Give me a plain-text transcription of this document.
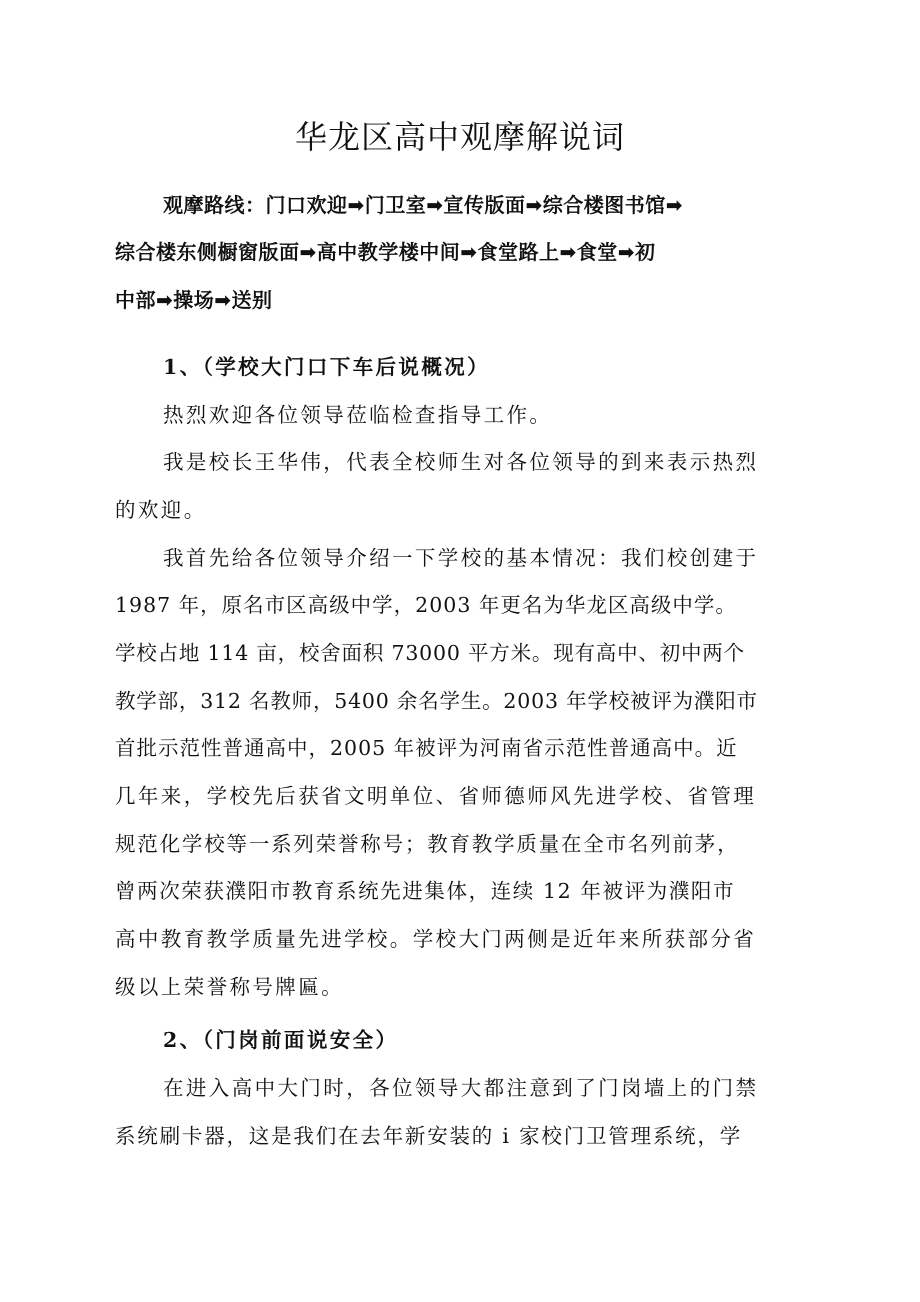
华龙区高中观摩解说词
观摩路线：门口欢迎➡门卫室➡宣传版面➡综合楼图书馆➡
综合楼东侧橱窗版面➡高中教学楼中间➡食堂路上➡食堂➡初
中部➡操场➡送别
1、（学校大门口下车后说概况）
热烈欢迎各位领导莅临检查指导工作。
我是校长王华伟，代表全校师生对各位领导的到来表示热烈
的欢迎。
我首先给各位领导介绍一下学校的基本情况：我们校创建于
1987 年，原名市区高级中学，2003 年更名为华龙区高级中学。
学校占地 114 亩，校舍面积 73000 平方米。现有高中、初中两个
教学部，312 名教师，5400 余名学生。2003 年学校被评为濮阳市
首批示范性普通高中，2005 年被评为河南省示范性普通高中。近
几年来，学校先后获省文明单位、省师德师风先进学校、省管理
规范化学校等一系列荣誉称号；教育教学质量在全市名列前茅，
曾两次荣获濮阳市教育系统先进集体，连续 12 年被评为濮阳市
高中教育教学质量先进学校。学校大门两侧是近年来所获部分省
级以上荣誉称号牌匾。
2、（门岗前面说安全）
在进入高中大门时，各位领导大都注意到了门岗墙上的门禁
系统刷卡器，这是我们在去年新安装的 i 家校门卫管理系统，学
